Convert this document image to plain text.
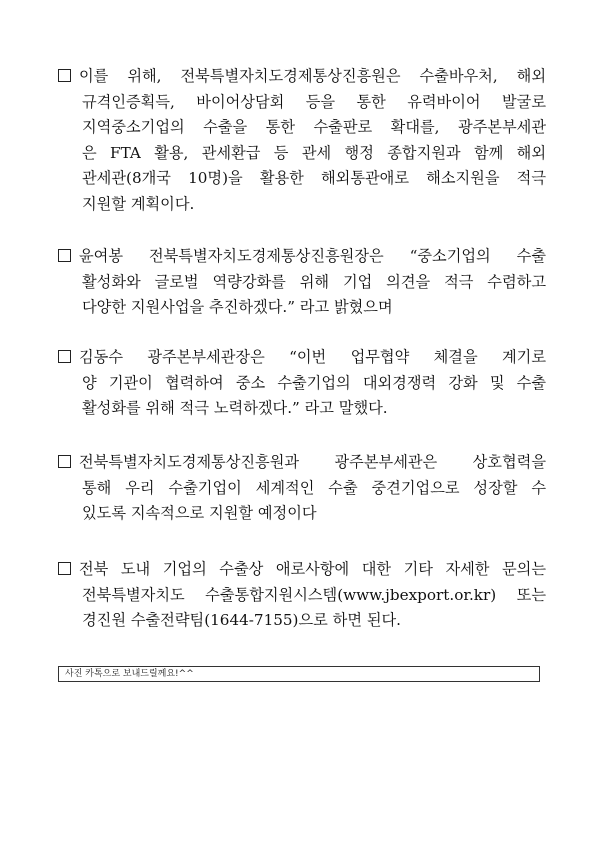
이를 위해, 전북특별자치도경제통상진흥원은 수출바우처, 해외
규격인증획득, 바이어상담회 등을 통한 유력바이어 발굴로
지역중소기업의 수출을 통한 수출판로 확대를, 광주본부세관
은 FTA 활용, 관세환급 등 관세 행정 종합지원과 함께 해외
관세관(8개국 10명)을 활용한 해외통관애로 해소지원을 적극
지원할 계획이다.
윤여봉 전북특별자치도경제통상진흥원장은 “중소기업의 수출
활성화와 글로벌 역량강화를 위해 기업 의견을 적극 수렴하고
다양한 지원사업을 추진하겠다.” 라고 밝혔으며
김동수 광주본부세관장은 “이번 업무협약 체결을 계기로
양 기관이 협력하여 중소 수출기업의 대외경쟁력 강화 및 수출
활성화를 위해 적극 노력하겠다.” 라고 말했다.
전북특별자치도경제통상진흥원과 광주본부세관은 상호협력을
통해 우리 수출기업이 세계적인 수출 중견기업으로 성장할 수
있도록 지속적으로 지원할 예정이다
전북 도내 기업의 수출상 애로사항에 대한 기타 자세한 문의는
전북특별자치도 수출통합지원시스템(www.jbexport.or.kr) 또는
경진원 수출전략팀(1644-7155)으로 하면 된다.
사진 카톡으로 보내드릴께요!^^
